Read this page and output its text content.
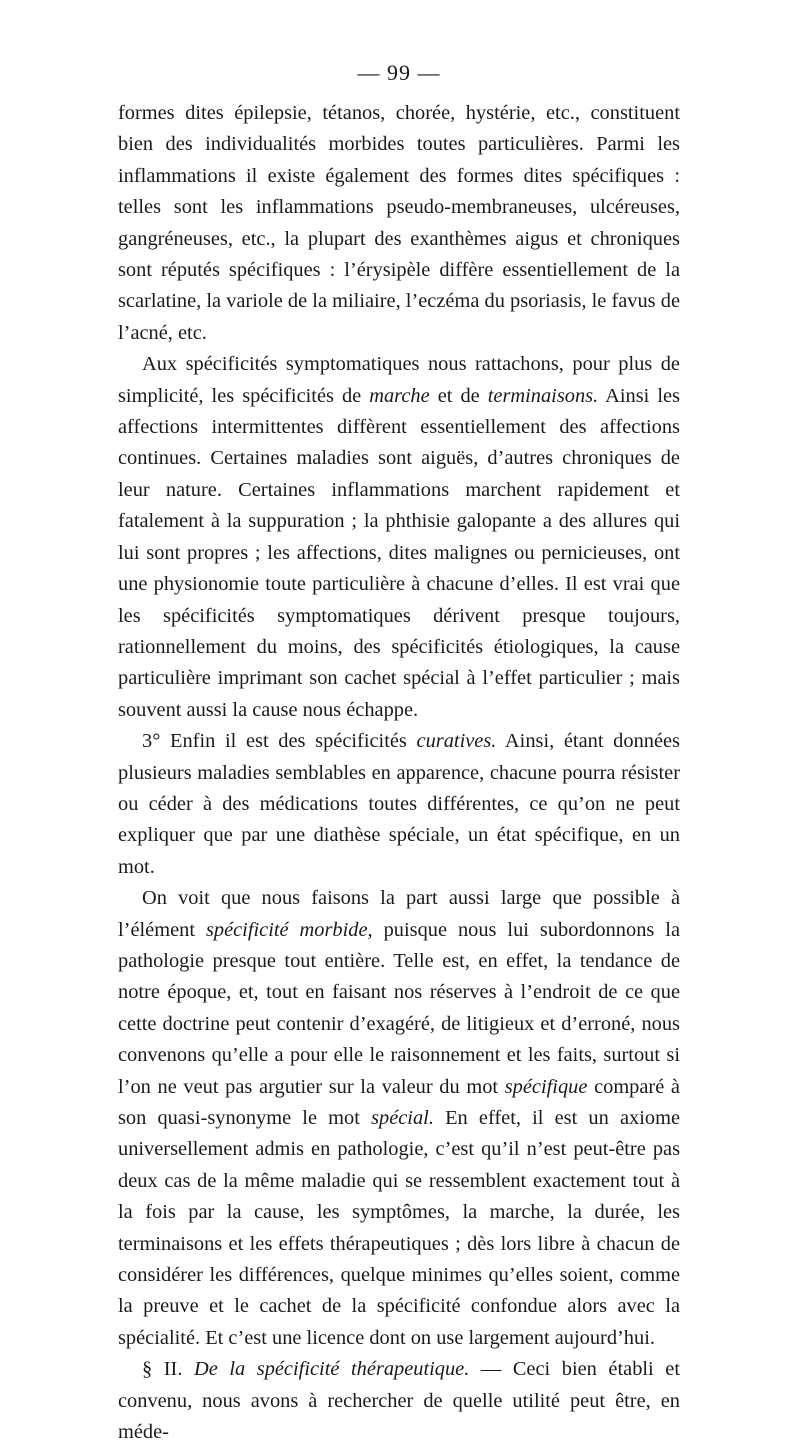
— 99 —

formes dites épilepsie, tétanos, chorée, hystérie, etc., constituent bien des individualités morbides toutes particulières. Parmi les inflammations il existe également des formes dites spécifiques : telles sont les inflammations pseudo-membraneuses, ulcéreuses, gangréneuses, etc., la plupart des exanthèmes aigus et chroniques sont réputés spécifiques : l’érysipèle diffère essentiellement de la scarlatine, la variole de la miliaire, l’eczéma du psoriasis, le favus de l’acné, etc.

Aux spécificités symptomatiques nous rattachons, pour plus de simplicité, les spécificités de marche et de terminaisons. Ainsi les affections intermittentes diffèrent essentiellement des affections continues. Certaines maladies sont aiguës, d’autres chroniques de leur nature. Certaines inflammations marchent rapidement et fatalement à la suppuration ; la phthisie galopante a des allures qui lui sont propres ; les affections, dites malignes ou pernicieuses, ont une physionomie toute particulière à chacune d’elles. Il est vrai que les spécificités symptomatiques dérivent presque toujours, rationnellement du moins, des spécificités étiologiques, la cause particulière imprimant son cachet spécial à l’effet particulier ; mais souvent aussi la cause nous échappe.

3° Enfin il est des spécificités curatives. Ainsi, étant données plusieurs maladies semblables en apparence, chacune pourra résister ou céder à des médications toutes différentes, ce qu’on ne peut expliquer que par une diathèse spéciale, un état spécifique, en un mot.

On voit que nous faisons la part aussi large que possible à l’élément spécificité morbide, puisque nous lui subordonnons la pathologie presque tout entière. Telle est, en effet, la tendance de notre époque, et, tout en faisant nos réserves à l’endroit de ce que cette doctrine peut contenir d’exagéré, de litigieux et d’erroné, nous convenons qu’elle a pour elle le raisonnement et les faits, surtout si l’on ne veut pas argutier sur la valeur du mot spécifique comparé à son quasi-synonyme le mot spécial. En effet, il est un axiome universellement admis en pathologie, c’est qu’il n’est peut-être pas deux cas de la même maladie qui se ressemblent exactement tout à la fois par la cause, les symptômes, la marche, la durée, les terminaisons et les effets thérapeutiques ; dès lors libre à chacun de considérer les différences, quelque minimes qu’elles soient, comme la preuve et le cachet de la spécificité confondue alors avec la spécialité. Et c’est une licence dont on use largement aujourd’hui.

§ II. De la spécificité thérapeutique. — Ceci bien établi et convenu, nous avons à rechercher de quelle utilité peut être, en méde-
